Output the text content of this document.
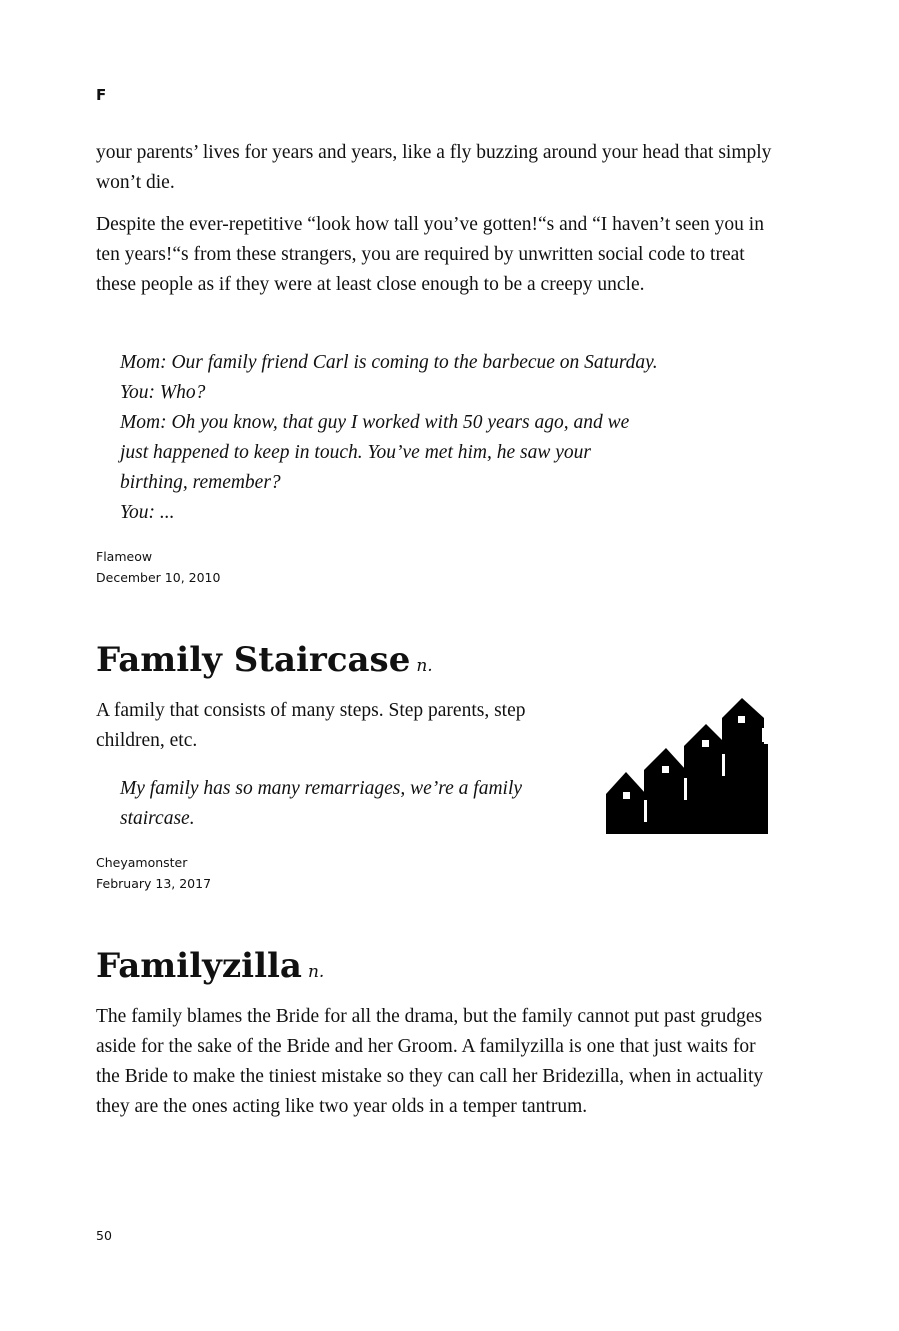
F

your parents’ lives for years and years, like a fly buzzing around your head that simply won’t die.

Despite the ever-repetitive “look how tall you’ve gotten!“s and “I haven’t seen you in ten years!“s from these strangers, you are required by unwritten social code to treat these people as if they were at least close enough to be a creepy uncle.

Mom: Our family friend Carl is coming to the barbecue on Saturday.
You: Who?
Mom: Oh you know, that guy I worked with 50 years ago, and we
just happened to keep in touch. You’ve met him, he saw your
birthing, remember?
You: ...
Flameow
December 10, 2010
Family Staircase n.

A family that consists of many steps. Step parents, step children, etc.

My family has so many remarriages, we’re a family staircase.

Cheyamonster
February 13, 2017
Familyzilla n.

The family blames the Bride for all the drama, but the family cannot put past grudges aside for the sake of the Bride and her Groom. A familyzilla is one that just waits for the Bride to make the tiniest mistake so they can call her Bridezilla, when in actuality they are the ones acting like two year olds in a temper tantrum.

50
